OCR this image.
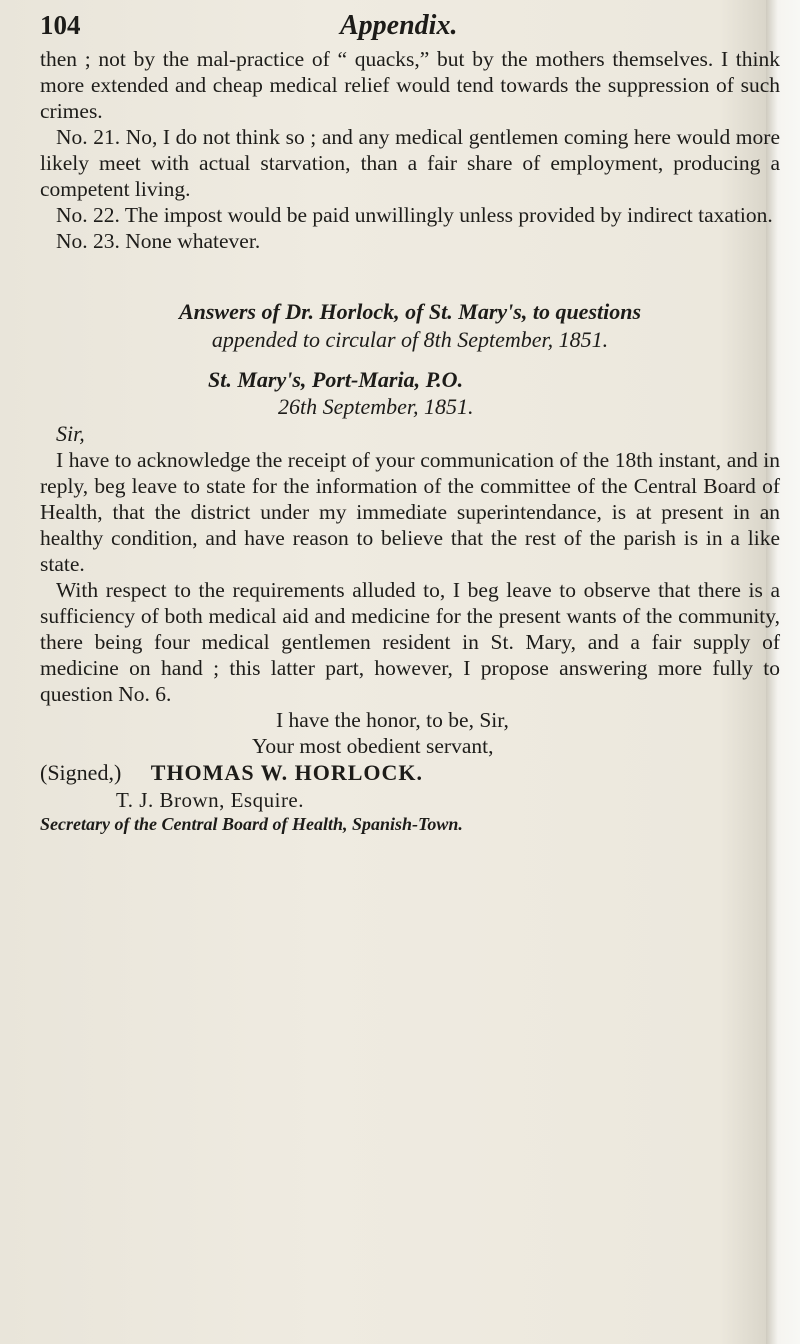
104	Appendix.

then ; not by the mal-practice of “ quacks,” but by the mothers themselves. I think more extended and cheap medical relief would tend towards the suppression of such crimes.

No. 21. No, I do not think so ; and any medical gentlemen coming here would more likely meet with actual starvation, than a fair share of employment, producing a competent living.

No. 22. The impost would be paid unwillingly unless provided by indirect taxation.

No. 23. None whatever.

Answers of Dr. Horlock, of St. Mary's, to questions
appended to circular of 8th September, 1851.
St. Mary's, Port-Maria, P.O.
26th September, 1851.
Sir,

I have to acknowledge the receipt of your communication of the 18th instant, and in reply, beg leave to state for the information of the committee of the Central Board of Health, that the district under my immediate superintendance, is at present in an healthy condition, and have reason to believe that the rest of the parish is in a like state.

With respect to the requirements alluded to, I beg leave to observe that there is a sufficiency of both medical aid and medicine for the present wants of the community, there being four medical gentlemen resident in St. Mary, and a fair supply of medicine on hand ; this latter part, however, I propose answering more fully to question No. 6.

I have the honor, to be, Sir,
Your most obedient servant,
(Signed,) THOMAS W. HORLOCK.
T. J. Brown, Esquire.
Secretary of the Central Board of Health, Spanish-Town.
